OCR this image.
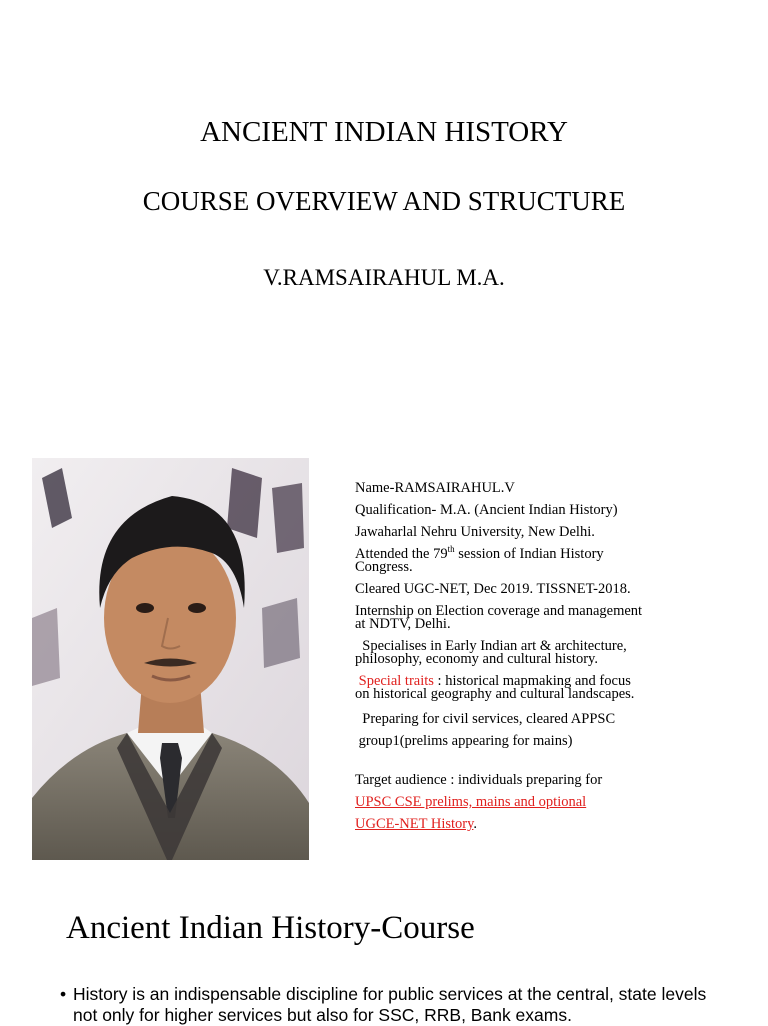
ANCIENT INDIAN HISTORY
COURSE OVERVIEW AND STRUCTURE
V.RAMSAIRAHUL M.A.
Name-RAMSAIRAHUL.V
Qualification- M.A. (Ancient Indian History)
Jawaharlal Nehru University, New Delhi.
Attended the 79th session of Indian History
Congress.
Cleared UGC-NET, Dec 2019. TISSNET-2018.
Internship on Election coverage and management
at NDTV, Delhi.
Specialises in Early Indian art & architecture,
philosophy, economy and cultural history.
Special traits : historical mapmaking and focus
on historical geography and cultural landscapes.
Preparing for civil services, cleared APPSC
group1(prelims appearing for mains)
Target audience : individuals preparing for
UPSC CSE prelims, mains and optional
UGCE-NET History.
Ancient Indian History-Course
• History is an indispensable discipline for public services at the central, state levels
not only for higher services but also for SSC, RRB, Bank exams.
